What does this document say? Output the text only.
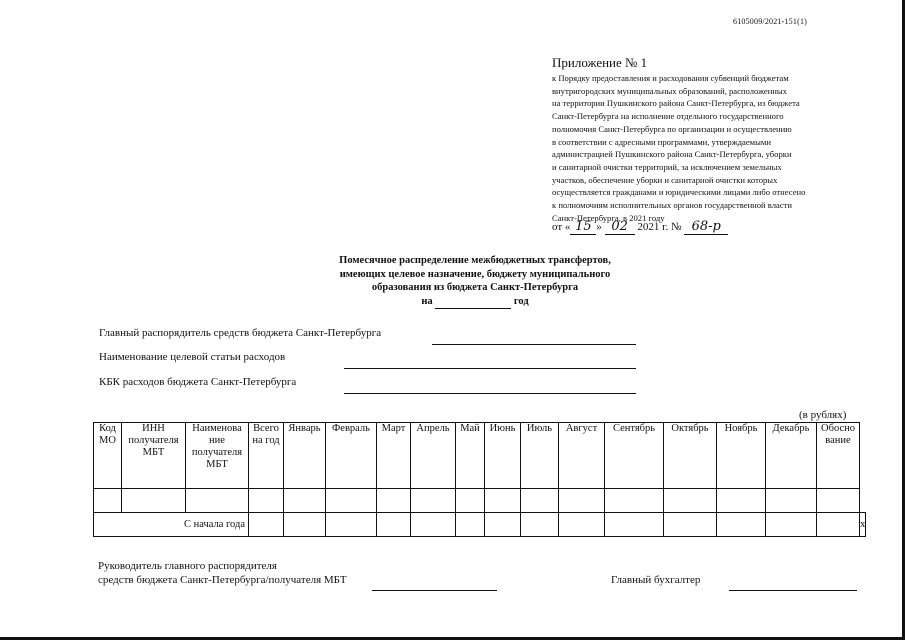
6105009/2021-151(1)
Приложение № 1
к Порядку предоставления и расходования субвенций бюджетам
внутригородских муниципальных образований, расположенных
на территории Пушкинского района Санкт-Петербурга, из бюджета
Санкт-Петербурга на исполнение отдельного государственного
полномочия Санкт-Петербурга по организации и осуществлению
в соответствии с адресными программами, утверждаемыми
администрацией Пушкинского района Санкт-Петербурга, уборки
и санитарной очистки территорий, за исключением земельных
участков, обеспечение уборки и санитарной очистки которых
осуществляется гражданами и юридическими лицами либо отнесено
к полномочиям исполнительных органов государственной власти
Санкт-Петербурга, в 2021 году
от « 15 » 02 2021 г. № 68-р
Помесячное распределение межбюджетных трансфертов,
имеющих целевое назначение, бюджету муниципального
образования из бюджета Санкт-Петербурга
на	год
Главный распорядитель средств бюджета Санкт-Петербурга
Наименование целевой статьи расходов
КБК расходов бюджета Санкт-Петербурга
(в рублях)
Код МО	ИНН получателя МБТ	Наименова ние получателя МБТ	Всего на год	Январь	Февраль	Март	Апрель	Май	Июнь	Июль	Август	Сентябрь	Октябрь	Ноябрь	Декабрь	Обосно вание	

С начала года																	х
Руководитель главного распорядителя
средств бюджета Санкт-Петербурга/получателя МБТ	Главный бухгалтер
